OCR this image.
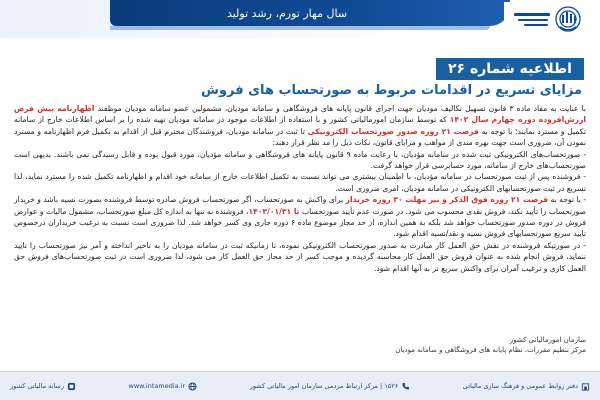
سال مهار تورم، رشد تولید
اطلاعیه شماره ۲۶
مزایای تسریع در اقدامات مربوط به صورتحساب های فروش

با عنایت به مفاد ماده ۳ قانون تسهیل تکالیف مودیان جهت اجرای قانون پایانه های فروشگاهی و سامانه مودیان، مشمولین عضو سامانه مودیان موظفند اظهارنامه پیش فرض ارزش‌افزوده دوره چهارم سال ۱۴۰۲ که توسط سازمان امورمالیاتی کشور و با استفاده از اطلاعات موجود در سامانه مودیان تهیه شده را بر اساس اطلاعات خارج از سامانه تکمیل و مسترد نمایند؛ با توجه به فرصت ۲۱ روزه صدور صورتحساب الکترونیکی تا ثبت در سامانه مودیان، فروشندگان محترم قبل از اقدام به تکمیل فرم اظهارنامه و مسترد نمودن آن، ضروری است جهت بهره مندی از مواهب و مزایای قانون، نکات ذیل را مد نظر قرار دهند:

- صورتحساب‌های الکترونیکی ثبت شده در سامانه مؤدیان، با رعایت ماده ۹ قانون پایانه های فروشگاهی و سامانه مؤدیان، مورد قبول بوده و قابل رسیدگی نمی باشند. بدیهی است صورتحساب‌های خارج از سامانه، مورد حسابرسی قرار خواهد گرفت.

- فروشنده پس از ثبت صورتحساب در سامانه مؤدیان، با اطمینان بیشتری می تواند نسبت به تکمیل اطلاعات خارج از سامانه خود اقدام و اظهارنامه تکمیل شده را مسترد نماید، لذا تسریع در ثبت صورتحسابهای الکترونیکی در سامانه مودیان، امری ضروری است.

- با توجه به فرصت ۲۱ روزه فوق الذکر و نیز مهلت ۳۰ روزه خریدار برای واکنش به صورتحساب، اگر صورتحساب فروش صادره توسط فروشنده بصورت نسیه باشد و خریدار صورتحساب را تأیید نکند، فروش نقدی محسوب می شود. در صورت عدم تأیید صورتحساب تا ۱۴۰۳/۰۱/۳۱، فروشنده نه تنها به اندازه کل مبلغ صورتحساب، مشمول مالیات و عوارض فروش در دوره صدور صورتحساب خواهد شد بلکه به همین اندازه، از حد مجاز موضوع ماده ۶ دوره جاری وی کسر خواهد شد. لذا ضروری است نسبت به ترغیب خریداران درخصوص تایید سریع صورتحسابهای فروش نسیه و نقد/نسیه اقدام شود.

- در صورتیکه فروشنده در نقش حق العمل کار مبادرت به صدور صورتحساب الکترونیکی نموده، تا زمانیکه ثبت در سامانه مودیان را به تاخیر انداخته و آمر نیز صورتحساب را تایید ننماید، فروش انجام شده به عنوان فروش حق العمل کار محاسبه گردیده و موجب کسر از حد مجاز حق العمل کار می شود، لذا ضروری است در ثبت صورتحساب‌های فروش حق العمل کاری و ترغیب آمران برای واکنش سریع تر به آنها اقدام شود.

سازمان امورمالیاتی کشور
مرکز تنظیم مقررات، نظام پایانه های فروشگاهی و سامانه مودیان
دفتر روابط عمومی و فرهنگ سازی مالیاتی
۱۵۲۶ | مرکز ارتباط مردمی سازمان امور مالیاتی کشور
www.intamedia.ir
رسانه مالیاتی کشور
